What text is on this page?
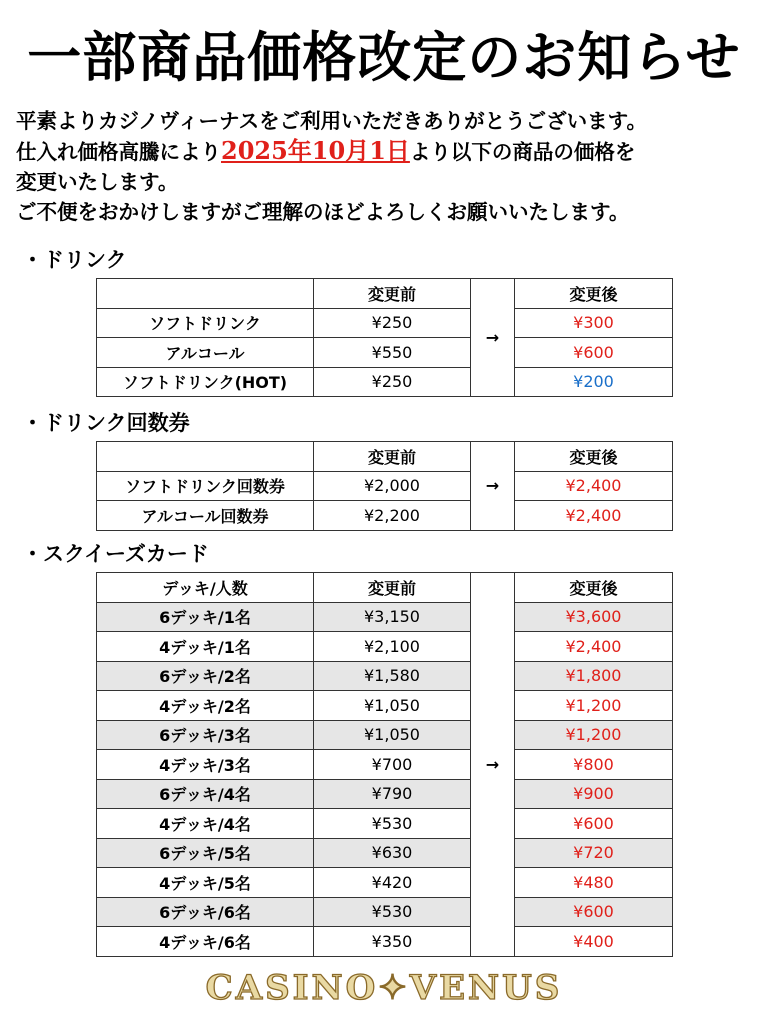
一部商品価格改定のお知らせ

平素よりカジノヴィーナスをご利用いただきありがとうございます。

仕入れ価格高騰により2025年10月1日より以下の商品の価格を

変更いたします。

ご不便をおかけしますがご理解のほどよろしくお願いいたします。

・ドリンク
	変更前	→	変更後
ソフトドリンク	¥250		¥300
アルコール	¥550		¥600
ソフトドリンク(HOT)	¥250		¥200
・ドリンク回数券
	変更前	→	変更後
ソフトドリンク回数券	¥2,000		¥2,400
アルコール回数券	¥2,200		¥2,400
・スクイーズカード
デッキ/人数	変更前	→	変更後
6デッキ/1名	¥3,150		¥3,600
4デッキ/1名	¥2,100		¥2,400
6デッキ/2名	¥1,580		¥1,800
4デッキ/2名	¥1,050		¥1,200
6デッキ/3名	¥1,050		¥1,200
4デッキ/3名	¥700		¥800
6デッキ/4名	¥790		¥900
4デッキ/4名	¥530		¥600
6デッキ/5名	¥630		¥720
4デッキ/5名	¥420		¥480
6デッキ/6名	¥530		¥600
4デッキ/6名	¥350		¥400
CASINO✦VENUS
